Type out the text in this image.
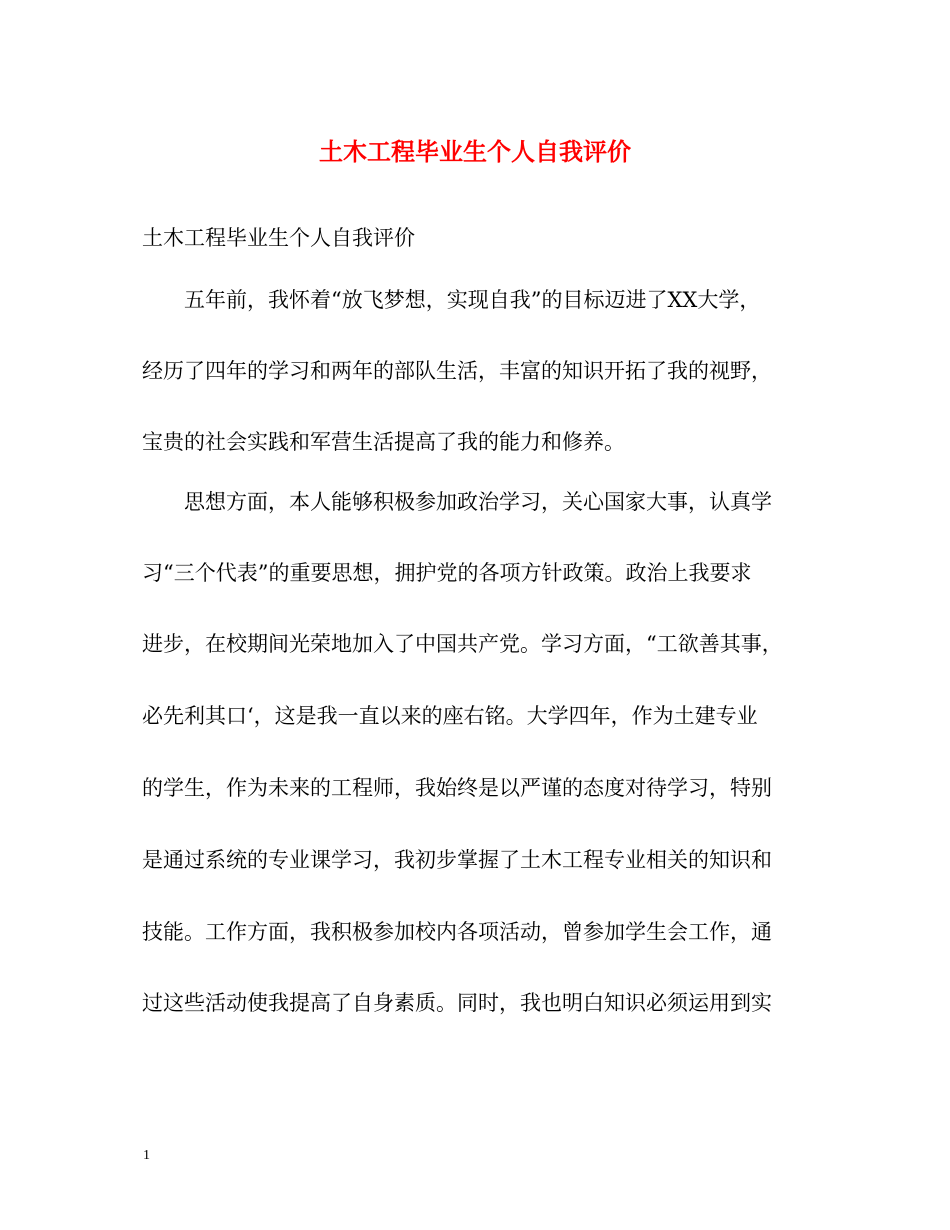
土木工程毕业生个人自我评价
土木工程毕业生个人自我评价
五年前，我怀着“放飞梦想，实现自我”的目标迈进了XX大学，
经历了四年的学习和两年的部队生活，丰富的知识开拓了我的视野，
宝贵的社会实践和军营生活提高了我的能力和修养。
思想方面，本人能够积极参加政治学习，关心国家大事，认真学
习“三个代表”的重要思想，拥护党的各项方针政策。政治上我要求
进步，在校期间光荣地加入了中国共产党。学习方面，“工欲善其事，
必先利其口‘，这是我一直以来的座右铭。大学四年，作为土建专业
的学生，作为未来的工程师，我始终是以严谨的态度对待学习，特别
是通过系统的专业课学习，我初步掌握了土木工程专业相关的知识和
技能。工作方面，我积极参加校内各项活动，曾参加学生会工作，通
过这些活动使我提高了自身素质。同时，我也明白知识必须运用到实
1
